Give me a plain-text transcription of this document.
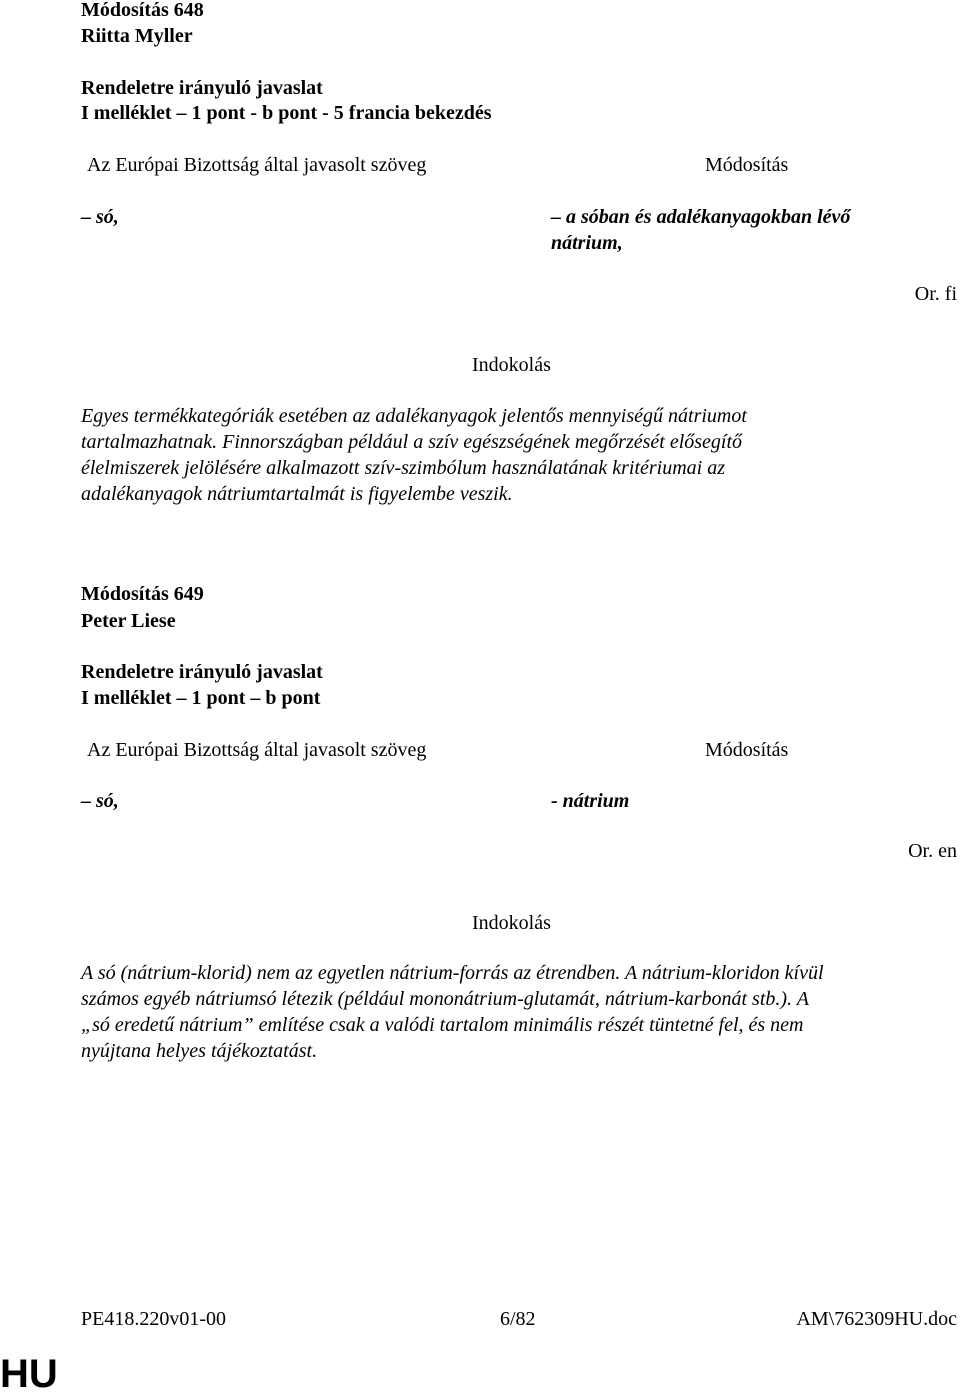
Módosítás 648
Riitta Myller
Rendeletre irányuló javaslat
I melléklet – 1 pont - b pont - 5 francia bekezdés
Az Európai Bizottság által javasolt szöveg	Módosítás
– só,	– a sóban és adalékanyagokban lévő
nátrium,
Or. fi
Indokolás
Egyes termékkategóriák esetében az adalékanyagok jelentős mennyiségű nátriumot
tartalmazhatnak. Finnországban például a szív egészségének megőrzését elősegítő
élelmiszerek jelölésére alkalmazott szív-szimbólum használatának kritériumai az
adalékanyagok nátriumtartalmát is figyelembe veszik.
Módosítás 649
Peter Liese
Rendeletre irányuló javaslat
I melléklet – 1 pont – b pont
Az Európai Bizottság által javasolt szöveg	Módosítás
– só,	- nátrium
Or. en
Indokolás
A só (nátrium-klorid) nem az egyetlen nátrium-forrás az étrendben. A nátrium-kloridon kívül
számos egyéb nátriumsó létezik (például mononátrium-glutamát, nátrium-karbonát stb.). A
„só eredetű nátrium” említése csak a valódi tartalom minimális részét tüntetné fel, és nem
nyújtana helyes tájékoztatást.
PE418.220v01-00	6/82	AM\762309HU.doc
HU
